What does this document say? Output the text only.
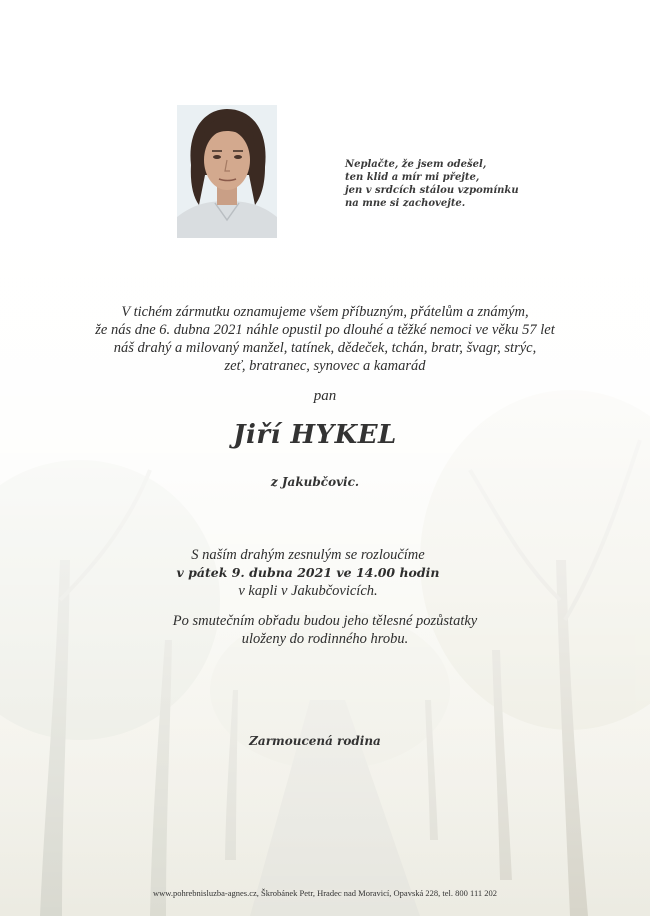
Neplačte, že jsem odešel,
ten klid a mír mi přejte,
jen v srdcích stálou vzpomínku
na mne si zachovejte.
V tichém zármutku oznamujeme všem příbuzným, přátelům a známým,
že nás dne 6. dubna 2021 náhle opustil po dlouhé a těžké nemoci ve věku 57 let
náš drahý a milovaný manžel, tatínek, dědeček, tchán, bratr, švagr, strýc,
zeť, bratranec, synovec a kamarád
pan
Jiří HYKEL
z Jakubčovic.
S naším drahým zesnulým se rozloučíme
v pátek 9. dubna 2021 ve 14.00 hodin
v kapli v Jakubčovicích.
Po smutečním obřadu budou jeho tělesné pozůstatky
uloženy do rodinného hrobu.
Zarmoucená rodina
www.pohrebnisluzba-agnes.cz, Škrobánek Petr, Hradec nad Moravicí, Opavská 228, tel. 800 111 202
